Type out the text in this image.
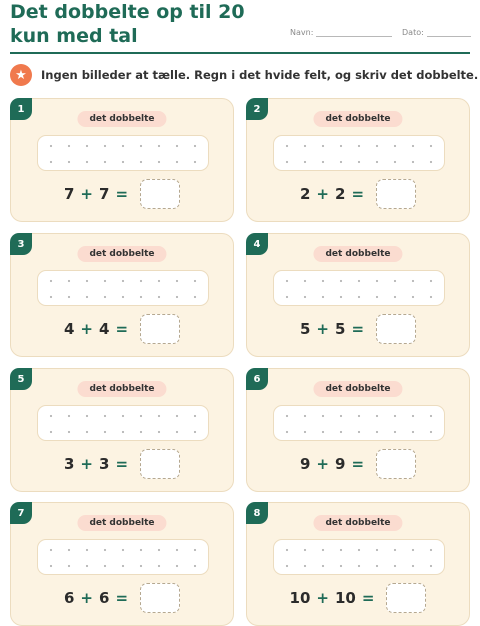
Det dobbelte op til 20 kun med tal	Navn:	Dato:
★	Ingen billeder at tælle. Regn i det hvide felt, og skriv det dobbelte.
1
det dobbelte
7 + 7 =
2
det dobbelte
2 + 2 =
3
det dobbelte
4 + 4 =
4
det dobbelte
5 + 5 =
5
det dobbelte
3 + 3 =
6
det dobbelte
9 + 9 =
7
det dobbelte
6 + 6 =
8
det dobbelte
10 + 10 =
